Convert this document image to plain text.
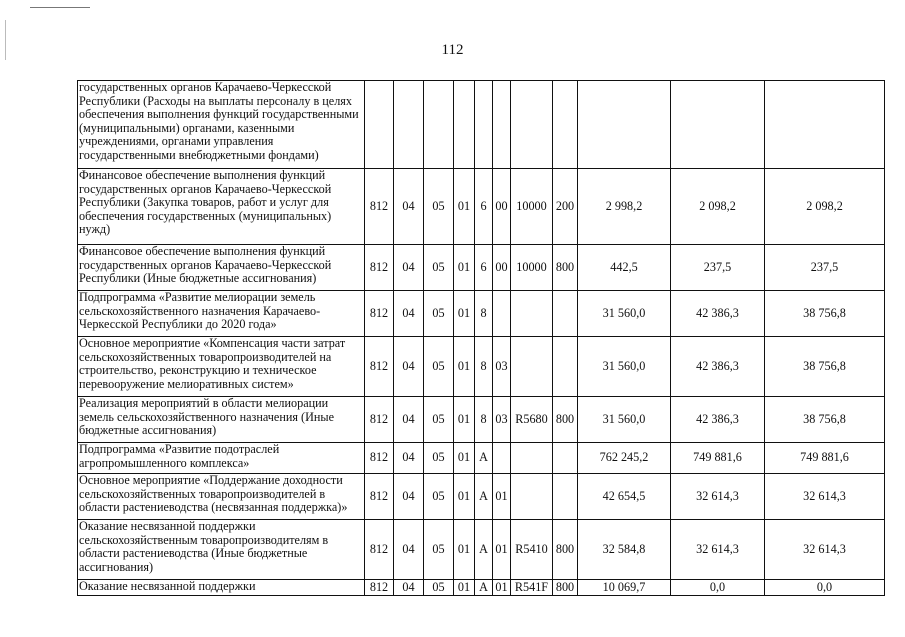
112
государственных органов Карачаево-Черкесской Республики (Расходы на выплаты персоналу в целях обеспечения выполнения функций государственными (муниципальными) органами, казенными учреждениями, органами управления государственными внебюджетными фондами)											
Финансовое обеспечение выполнения функций государственных органов Карачаево-Черкесской Республики (Закупка товаров, работ и услуг для обеспечения государственных (муниципальных) нужд)	812	04	05	01	6	00	10000	200	2 998,2	2 098,2	2 098,2
Финансовое обеспечение выполнения функций государственных органов Карачаево-Черкесской Республики (Иные бюджетные ассигнования)	812	04	05	01	6	00	10000	800	442,5	237,5	237,5
Подпрограмма «Развитие мелиорации земель сельскохозяйственного назначения Карачаево-Черкесской Республики до 2020 года»	812	04	05	01	8				31 560,0	42 386,3	38 756,8
Основное мероприятие «Компенсация части затрат сельскохозяйственных товаропроизводителей на строительство, реконструкцию и техническое перевооружение мелиоративных систем»	812	04	05	01	8	03			31 560,0	42 386,3	38 756,8
Реализация мероприятий в области мелиорации земель сельскохозяйственного назначения (Иные бюджетные ассигнования)	812	04	05	01	8	03	R5680	800	31 560,0	42 386,3	38 756,8
Подпрограмма «Развитие подотраслей агропромышленного комплекса»	812	04	05	01	А				762 245,2	749 881,6	749 881,6
Основное мероприятие «Поддержание доходности сельскохозяйственных товаропроизводителей в области растениеводства (несвязанная поддержка)»	812	04	05	01	А	01			42 654,5	32 614,3	32 614,3
Оказание несвязанной поддержки сельскохозяйственным товаропроизводителям в области растениеводства (Иные бюджетные ассигнования)	812	04	05	01	А	01	R5410	800	32 584,8	32 614,3	32 614,3
Оказание несвязанной поддержки	812	04	05	01	А	01	R541F	800	10 069,7	0,0	0,0
